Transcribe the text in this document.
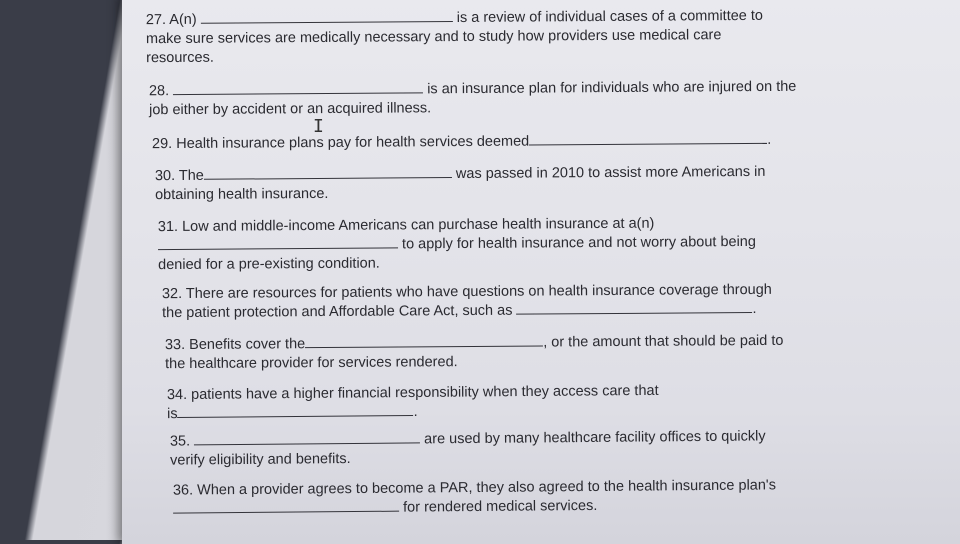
27. A(n)	is a review of individual cases of a committee to
make sure services are medically necessary and to study how providers use medical care
resources.
28.	is an insurance plan for individuals who are injured on the
job either by accident or an acquired illness.
I
29. Health insurance plans pay for health services deemed	.
30. The	was passed in 2010 to assist more Americans in
obtaining health insurance.
31. Low and middle-income Americans can purchase health insurance at a(n)
to apply for health insurance and not worry about being
denied for a pre-existing condition.
32. There are resources for patients who have questions on health insurance coverage through
the patient protection and Affordable Care Act, such as	.
33. Benefits cover the	, or the amount that should be paid to
the healthcare provider for services rendered.
34. patients have a higher financial responsibility when they access care that
is	.
35.	are used by many healthcare facility offices to quickly
verify eligibility and benefits.
36. When a provider agrees to become a PAR, they also agreed to the health insurance plan's
for rendered medical services.
